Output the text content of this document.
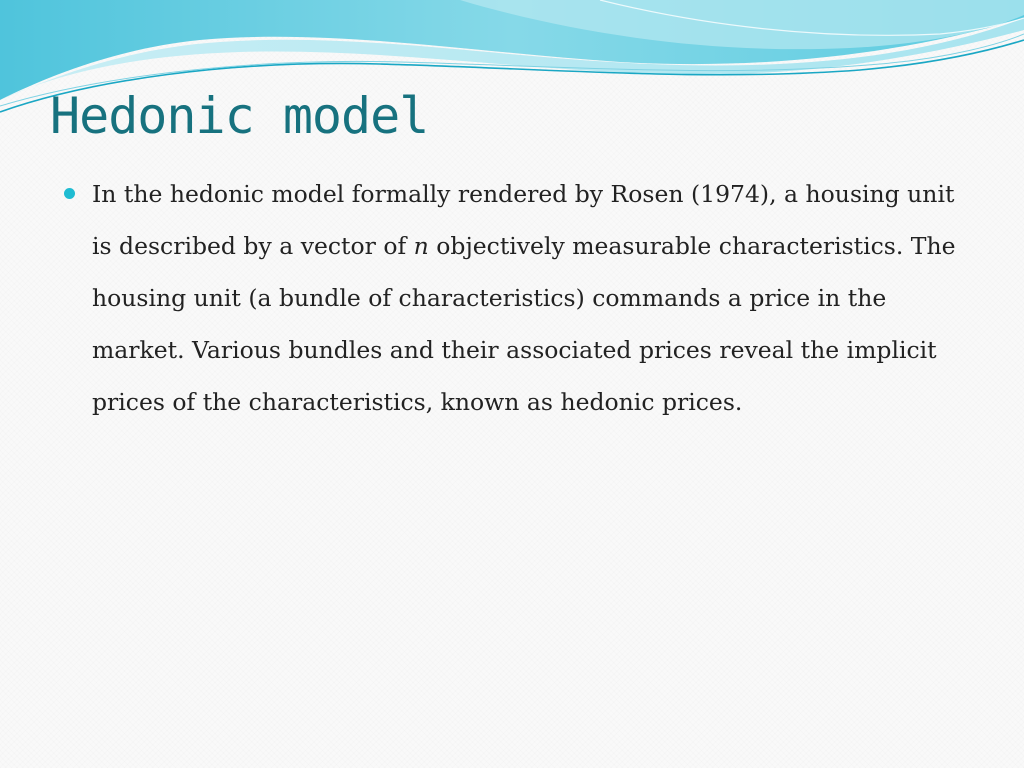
Hedonic model
In the hedonic model formally rendered by Rosen (1974), a housing unit is described by a vector of n objectively measurable characteristics. The housing unit (a bundle of characteristics) commands a price in the market. Various bundles and their associated prices reveal the implicit prices of the characteristics, known as hedonic prices.
